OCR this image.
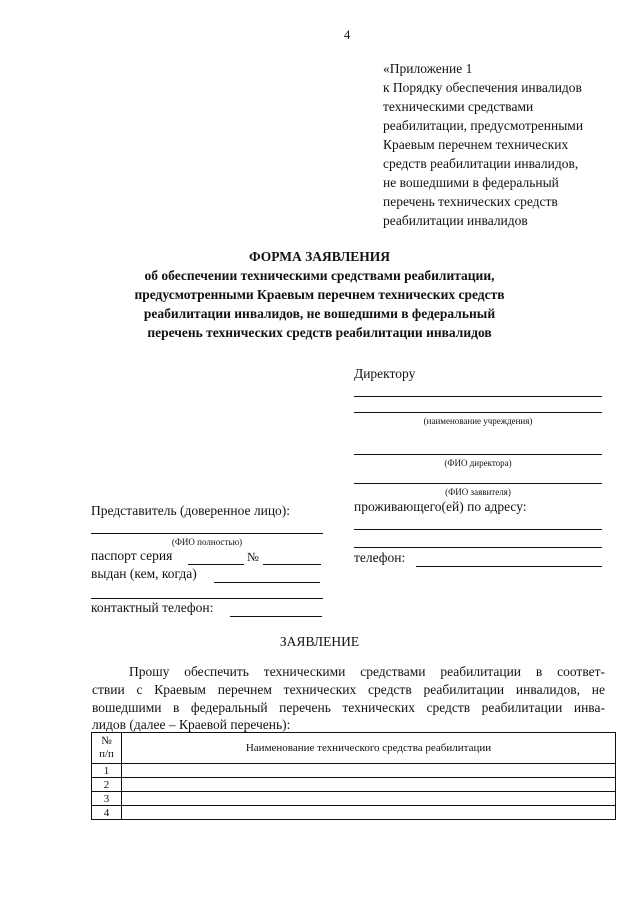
4
«Приложение 1
к Порядку обеспечения инвалидов
техническими средствами
реабилитации, предусмотренными
Краевым перечнем технических
средств реабилитации инвалидов,
не вошедшими в федеральный
перечень технических средств
реабилитации инвалидов
ФОРМА ЗАЯВЛЕНИЯ
об обеспечении техническими средствами реабилитации,
предусмотренными Краевым перечнем технических средств
реабилитации инвалидов, не вошедшими в федеральный
перечень технических средств реабилитации инвалидов
Директору
(наименование учреждения)
(ФИО директора)
(ФИО заявителя)
проживающего(ей) по адресу:
телефон:
Представитель (доверенное лицо):
(ФИО полностью)
паспорт серия	№
выдан (кем, когда)
контактный телефон:
ЗАЯВЛЕНИЕ
Прошу обеспечить техническими средствами реабилитации в соответ-
ствии с Краевым перечнем технических средств реабилитации инвалидов, не
вошедшими в федеральный перечень технических средств реабилитации инва-
лидов (далее – Краевой перечень):
№
п/п	Наименование технического средства реабилитации
1	
2	
3	
4	
